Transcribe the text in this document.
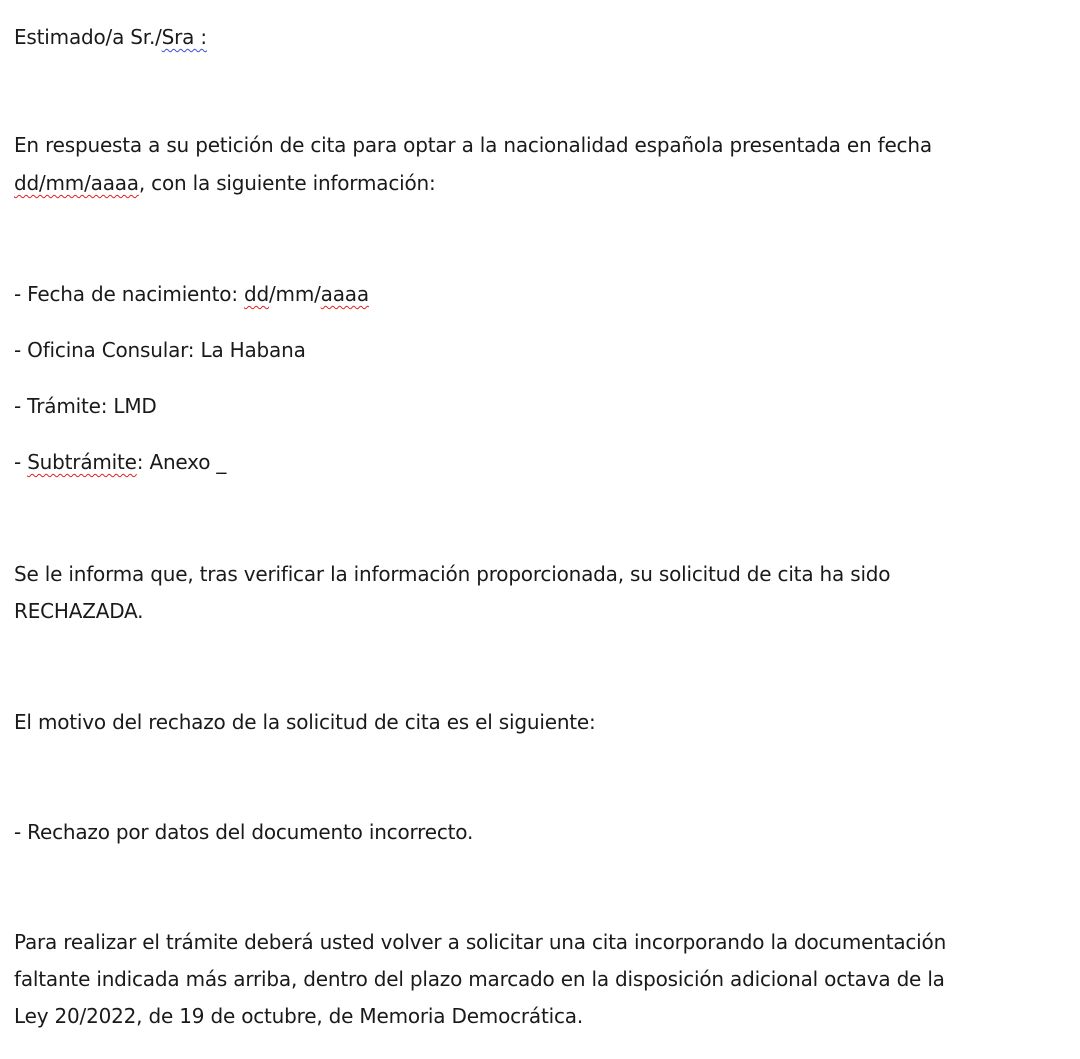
Estimado/a Sr./Sra :
En respuesta a su petición de cita para optar a la nacionalidad española presentada en fecha
dd/mm/aaaa, con la siguiente información:
- Fecha de nacimiento: dd/mm/aaaa
- Oficina Consular: La Habana
- Trámite: LMD
- Subtrámite: Anexo _
Se le informa que, tras verificar la información proporcionada, su solicitud de cita ha sido
RECHAZADA.
El motivo del rechazo de la solicitud de cita es el siguiente:
- Rechazo por datos del documento incorrecto.
Para realizar el trámite deberá usted volver a solicitar una cita incorporando la documentación
faltante indicada más arriba, dentro del plazo marcado en la disposición adicional octava de la
Ley 20/2022, de 19 de octubre, de Memoria Democrática.
